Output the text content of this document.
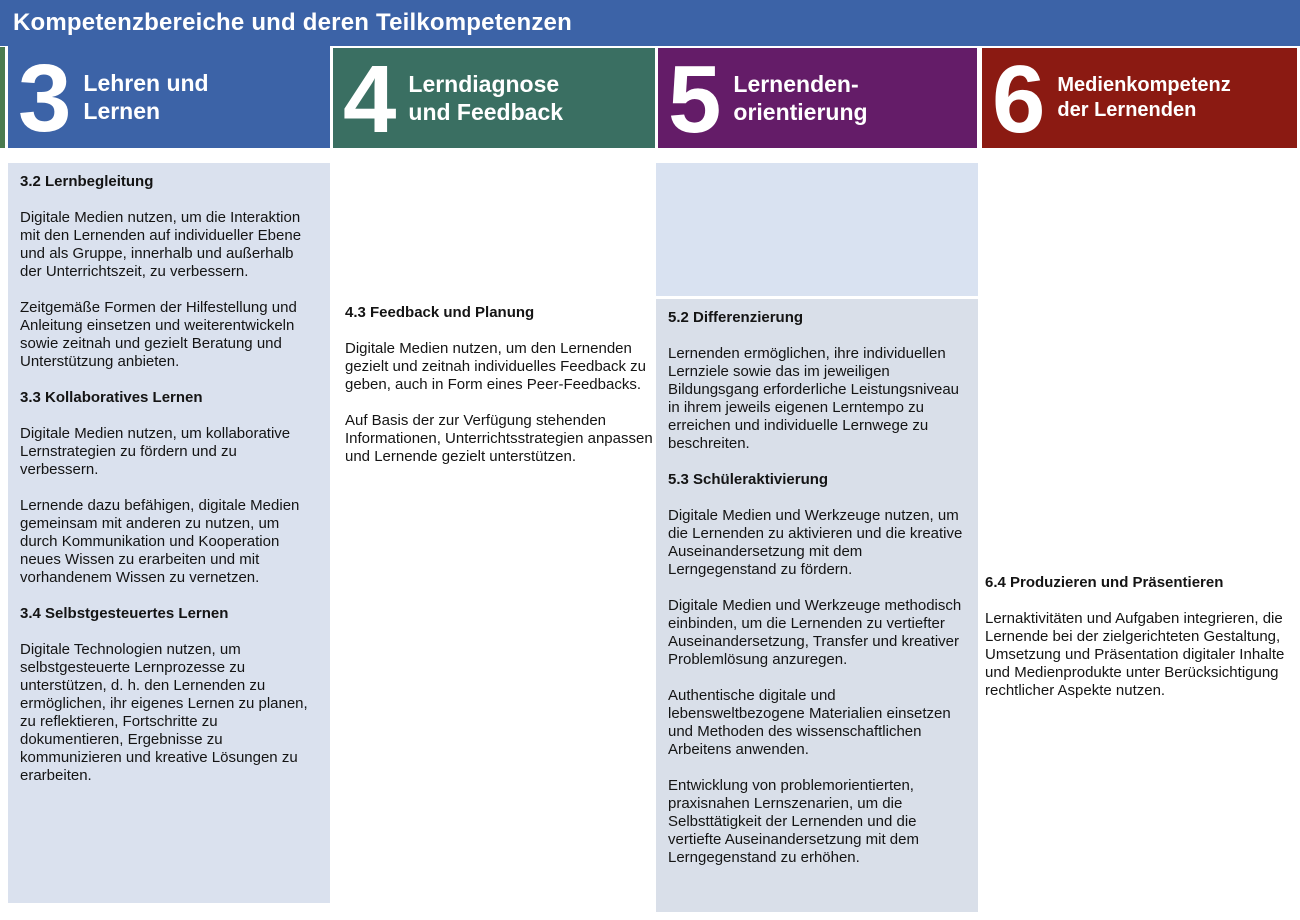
Kompetenzbereiche und deren Teilkompetenzen
3 Lehren und
Lernen	4 Lerndiagnose
und Feedback 5 Lernenden-
orientierung 6 Medienkompetenz
der Lernenden
3.2 Lernbegleitung

Digitale Medien nutzen, um die Interaktion mit den Lernenden auf individueller Ebene und als Gruppe, innerhalb und außerhalb der Unterrichtszeit, zu verbessern.

Zeitgemäße Formen der Hilfestellung und Anleitung einsetzen und weiterentwickeln sowie zeitnah und gezielt Beratung und Unterstützung anbieten.

3.3 Kollaboratives Lernen

Digitale Medien nutzen, um kollaborative Lernstrategien zu fördern und zu verbessern.

Lernende dazu befähigen, digitale Medien gemeinsam mit anderen zu nutzen, um durch Kommunikation und Kooperation neues Wissen zu erarbeiten und mit vorhandenem Wissen zu vernetzen.

3.4 Selbstgesteuertes Lernen

Digitale Technologien nutzen, um selbstgesteuerte Lernprozesse zu unterstützen, d. h. den Lernenden zu ermöglichen, ihr eigenes Lernen zu planen, zu reflektieren, Fortschritte zu dokumentieren, Ergebnisse zu kommunizieren und kreative Lösungen zu erarbeiten.

4.3 Feedback und Planung

Digitale Medien nutzen, um den Lernenden gezielt und zeitnah individuelles Feedback zu geben, auch in Form eines Peer-Feedbacks.

Auf Basis der zur Verfügung stehenden Informationen, Unterrichtsstrategien anpassen und Lernende gezielt unterstützen.

5.2 Differenzierung

Lernenden ermöglichen, ihre individuellen Lernziele sowie das im jeweiligen Bildungsgang erforderliche Leistungsniveau in ihrem jeweils eigenen Lerntempo zu erreichen und individuelle Lernwege zu beschreiten.

5.3 Schüleraktivierung

Digitale Medien und Werkzeuge nutzen, um die Lernenden zu aktivieren und die kreative Auseinandersetzung mit dem Lerngegenstand zu fördern.

Digitale Medien und Werkzeuge methodisch einbinden, um die Lernenden zu vertiefter Auseinandersetzung, Transfer und kreativer Problemlösung anzuregen.

Authentische digitale und lebensweltbezogene Materialien einsetzen und Methoden des wissenschaftlichen Arbeitens anwenden.

Entwicklung von problemorientierten, praxisnahen Lernszenarien, um die Selbsttätigkeit der Lernenden und die vertiefte Auseinandersetzung mit dem Lerngegenstand zu erhöhen.

6.4 Produzieren und Präsentieren

Lernaktivitäten und Aufgaben integrieren, die Lernende bei der zielgerichteten Gestaltung, Umsetzung und Präsentation digitaler Inhalte und Medienprodukte unter Berücksichtigung rechtlicher Aspekte nutzen.
